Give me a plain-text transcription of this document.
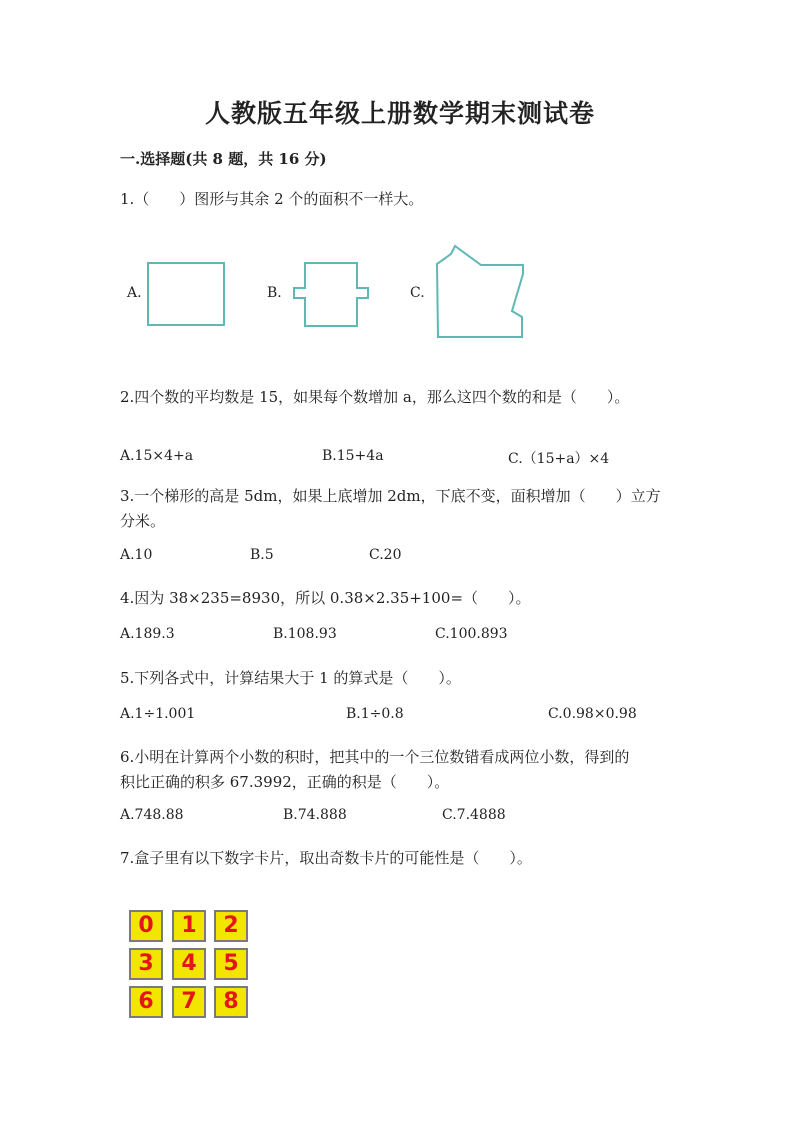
人教版五年级上册数学期末测试卷
一.选择题(共 8 题，共 16 分)
1.（　　）图形与其余 2 个的面积不一样大。
A.	B.	C.
2.四个数的平均数是 15，如果每个数增加 a，那么这四个数的和是（　　）。
A.15×4+a	B.15+4a	C.（15+a）×4
3.一个梯形的高是 5dm，如果上底增加 2dm，下底不变，面积增加（　　）立方
分米。
A.10	B.5	C.20
4.因为 38×235=8930，所以 0.38×2.35+100=（　　）。
A.189.3	B.108.93	C.100.893
5.下列各式中，计算结果大于 1 的算式是（　　）。
A.1÷1.001	B.1÷0.8	C.0.98×0.98
6.小明在计算两个小数的积时，把其中的一个三位数错看成两位小数，得到的
积比正确的积多 67.3992，正确的积是（　　）。
A.748.88	B.74.888	C.7.4888
7.盒子里有以下数字卡片，取出奇数卡片的可能性是（　　）。
0	1	2
3	4	5
6	7	8
